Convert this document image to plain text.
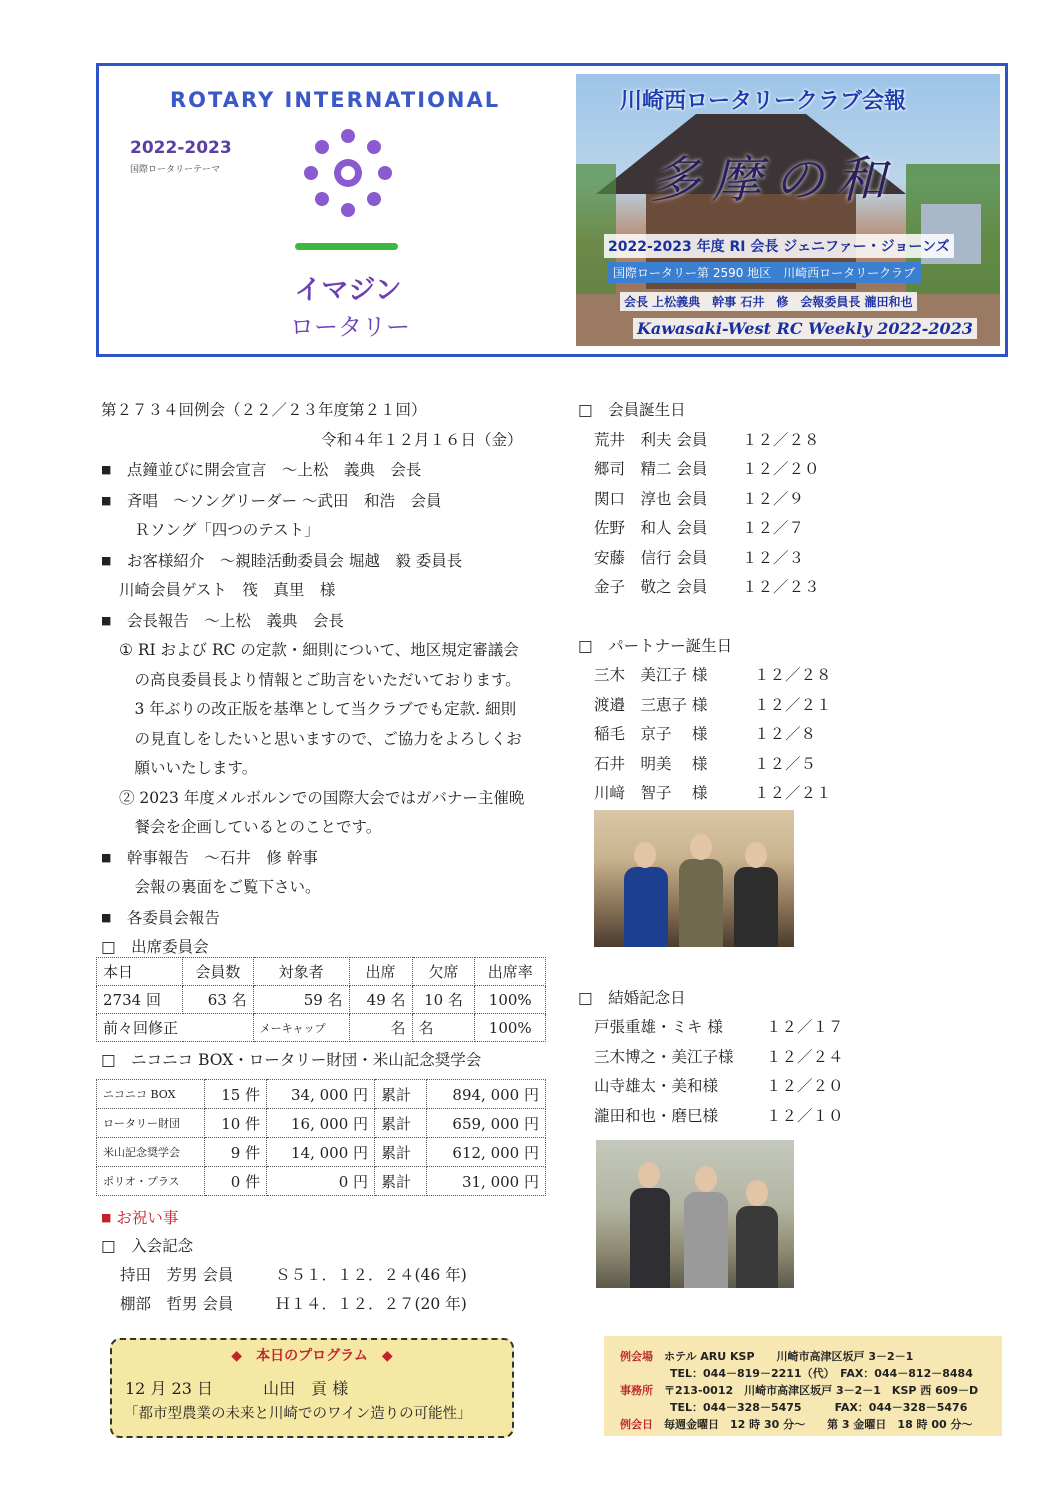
ROTARY INTERNATIONAL
2022-2023
国際ロータリーテーマ
イマジン
ロータリー
川崎西ロータリークラブ会報
多摩の和
2022-2023 年度 RI 会長 ジェニファー・ジョーンズ
国際ロータリー第 2590 地区　川崎西ロータリークラブ
会長 上松義典　幹事 石井　修　会報委員長 瀧田和也
Kawasaki-West RC Weekly 2022-2023
第２７３４回例会（２２／２３年度第２１回）
令和４年１２月１６日（金）
■　 点鐘並びに開会宣言　～上松　義典　会長
■　 斉唱　～ソングリーダー ～武田　和浩　会員
　Ｒソング「四つのテスト」
■　 お客様紹介　～親睦活動委員会 堀越　毅 委員長
川崎会員ゲスト　筏　真里　様
■　 会長報告　～上松　義典　会長
① RI および RC の定款・細則について、地区規定審議会
　の高良委員長より情報とご助言をいただいております。
　3 年ぶりの改正版を基準として当クラブでも定款. 細則
　の見直しをしたいと思いますので、ご協力をよろしくお
　願いいたします。
② 2023 年度メルボルンでの国際大会ではガバナー主催晩
　餐会を企画しているとのことです。
■　 幹事報告　～石井　修 幹事
　会報の裏面をご覧下さい。
■　 各委員会報告
□　 出席委員会
本日	会員数	対象者	出席	欠席	出席率
2734 回	63 名	59 名	49 名	10 名	100%
前々回修正		メーキャップ	名	名	100%
□　ニコニコ BOX・ロータリー財団・米山記念奨学会
ニコニコ BOX	15 件	34, 000 円	累計	894, 000 円
ロータリー財団	10 件	16, 000 円	累計	659, 000 円
米山記念奨学会	9 件	14, 000 円	累計	612, 000 円
ポリオ・プラス	0 件	0 円	累計	31, 000 円
■ お祝い事
□　入会記念
持田　芳男 会員	Ｓ５１．１２．２４(46 年)
棚部　哲男 会員	Ｈ１４．１２．２７(20 年)
◆　本日のプログラム　◆
12 月 23 日	山田　貢 様
「都市型農業の未来と川崎でのワイン造りの可能性」
□　会員誕生日
荒井　利夫 会員 １２／２８
郷司　精二 会員 １２／２０
関口　淳也 会員 １２／９
佐野　和人 会員 １２／７
安藤　信行 会員 １２／３
金子　敬之 会員 １２／２３
□　パートナー誕生日
三木　美江子 様	１２／２８
渡邉　三恵子 様	１２／２１
稲毛　京子　 様	１２／８
石井　明美　 様	１２／５
川﨑　智子　 様	１２／２１
□　結婚記念日
戸張重雄・ミキ 様	１２／１７
三木博之・美江子様 １２／２４
山寺雄太・美和様	１２／２０
瀧田和也・磨巳様	１２／１０
例会場　 ホテル ARU KSP　　川崎市高津区坂戸 3－2－1
TEL：044－819－2211（代）　FAX：044－812－8484
事務所　 〒213-0012　川崎市高津区坂戸 3－2－1　KSP 西 609－D
TEL：044－328－5475　　　FAX：044－328－5476
例会日　 毎週金曜日　12 時 30 分～　　第 3 金曜日　18 時 00 分～
